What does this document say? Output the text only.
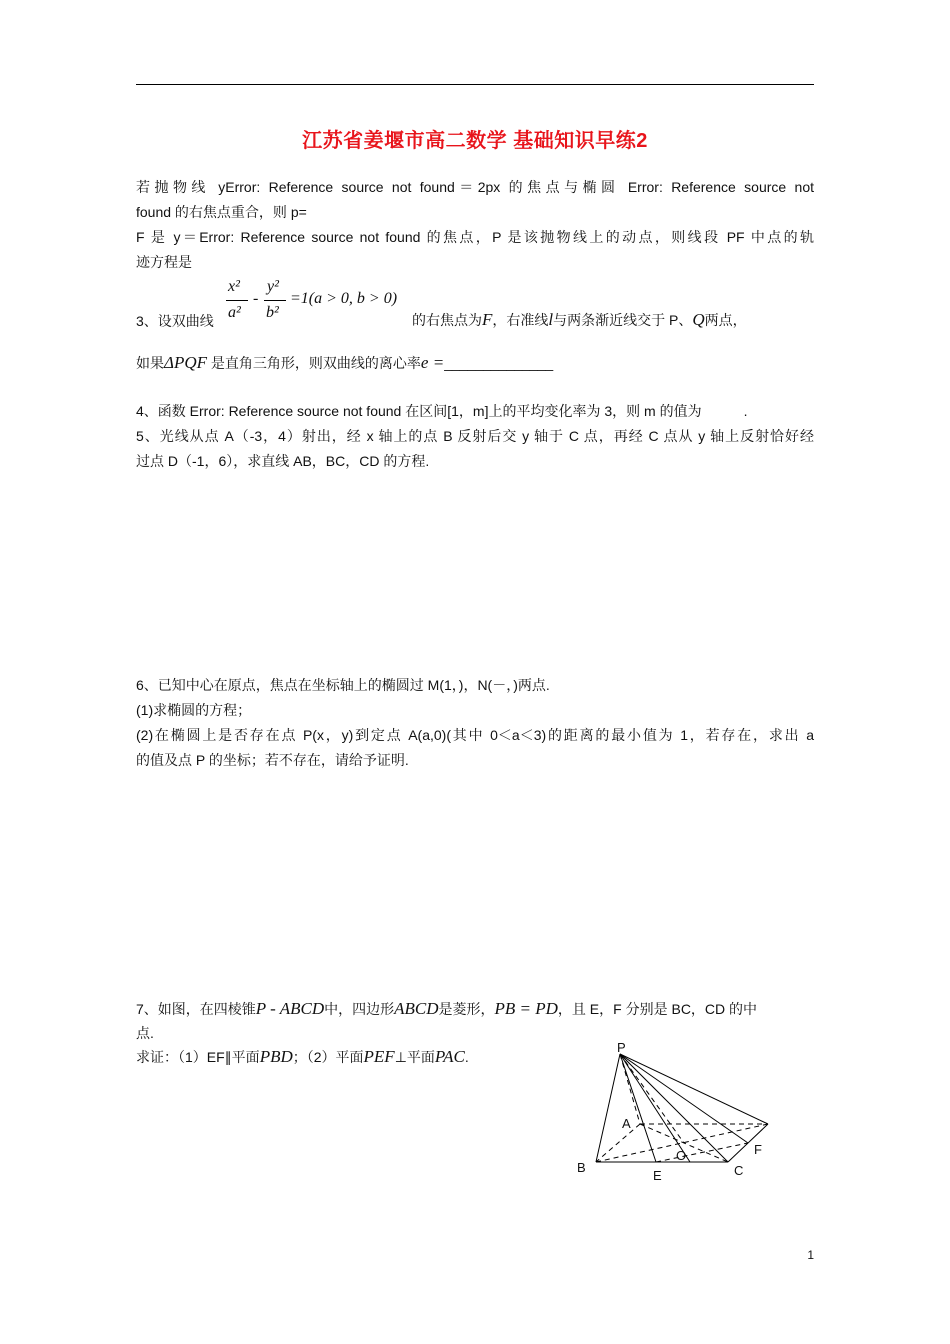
江苏省姜堰市高二数学 基础知识早练2
若抛物线 yError: Reference source not found＝2px 的焦点与椭圆 Error: Reference source not
found 的右焦点重合，则 p=
F 是 y＝Error: Reference source not found 的焦点，P 是该抛物线上的动点，则线段 PF 中点的轨
迹方程是
3、设双曲线
x²
a²
-
y²
b²
=1(a > 0, b > 0)
的右焦点为F，右准线l与两条渐近线交于 P、Q两点，
如果ΔPQF 是直角三角形，则双曲线的离心率e =______________
4、函数 Error: Reference source not found 在区间[1，m]上的平均变化率为 3，则 m 的值为　　　.
5、光线从点 A（-3，4）射出，经 x 轴上的点 B 反射后交 y 轴于 C 点，再经 C 点从 y 轴上反射恰好经
过点 D（-1，6），求直线 AB，BC，CD 的方程.
6、已知中心在原点，焦点在坐标轴上的椭圆过 M(1，)，N(－，)两点.
(1)求椭圆的方程；
(2)在椭圆上是否存在点 P(x，y)到定点 A(a,0)(其中 0＜a＜3)的距离的最小值为 1，若存在，求出 a
的值及点 P 的坐标；若不存在，请给予证明.
7、如图，在四棱锥P - ABCD中，四边形ABCD是菱形，PB = PD，且 E，F 分别是 BC，CD 的中
点.
求证：（1）EF∥平面PBD；（2）平面PEF⊥平面PAC.
P
A
B	C
E
F
O
1
